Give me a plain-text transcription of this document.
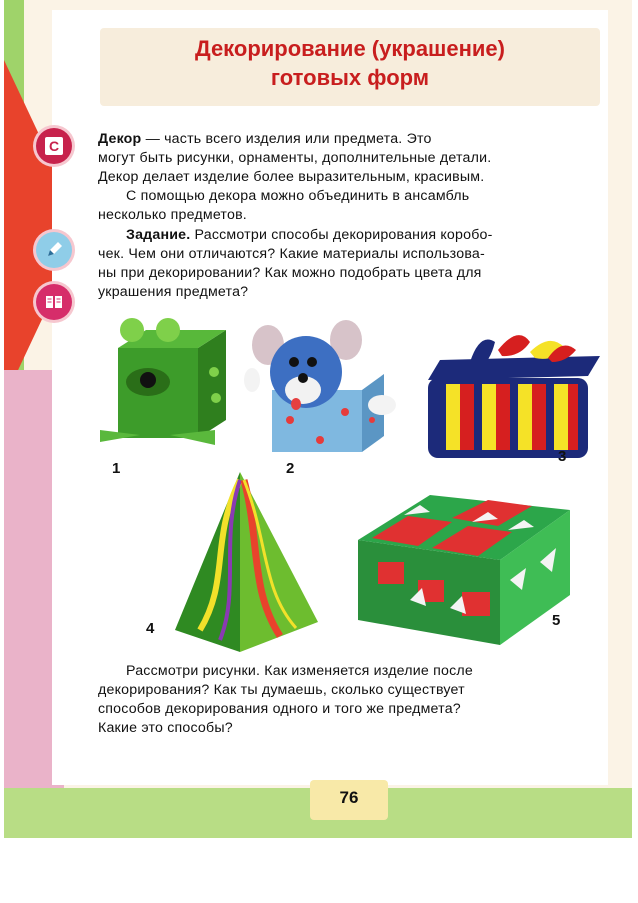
Декорирование (украшение)
готовых форм
С	Декор — часть всего изделия или предмета. Это
могут быть рисунки, орнаменты, дополнительные детали.
Декор делает изделие более выразительным, красивым.
С помощью декора можно объединить в ансамбль
несколько предметов.
Задание. Рассмотри способы декорирования коробо-
чек. Чем они отличаются? Какие материалы использова-
ны при декорировании? Как можно подобрать цвета для
украшения предмета?
1	2
3
4	5
Рассмотри рисунки. Как изменяется изделие после
декорирования? Как ты думаешь, сколько существует
способов декорирования одного и того же предмета?
Какие это способы?
76
